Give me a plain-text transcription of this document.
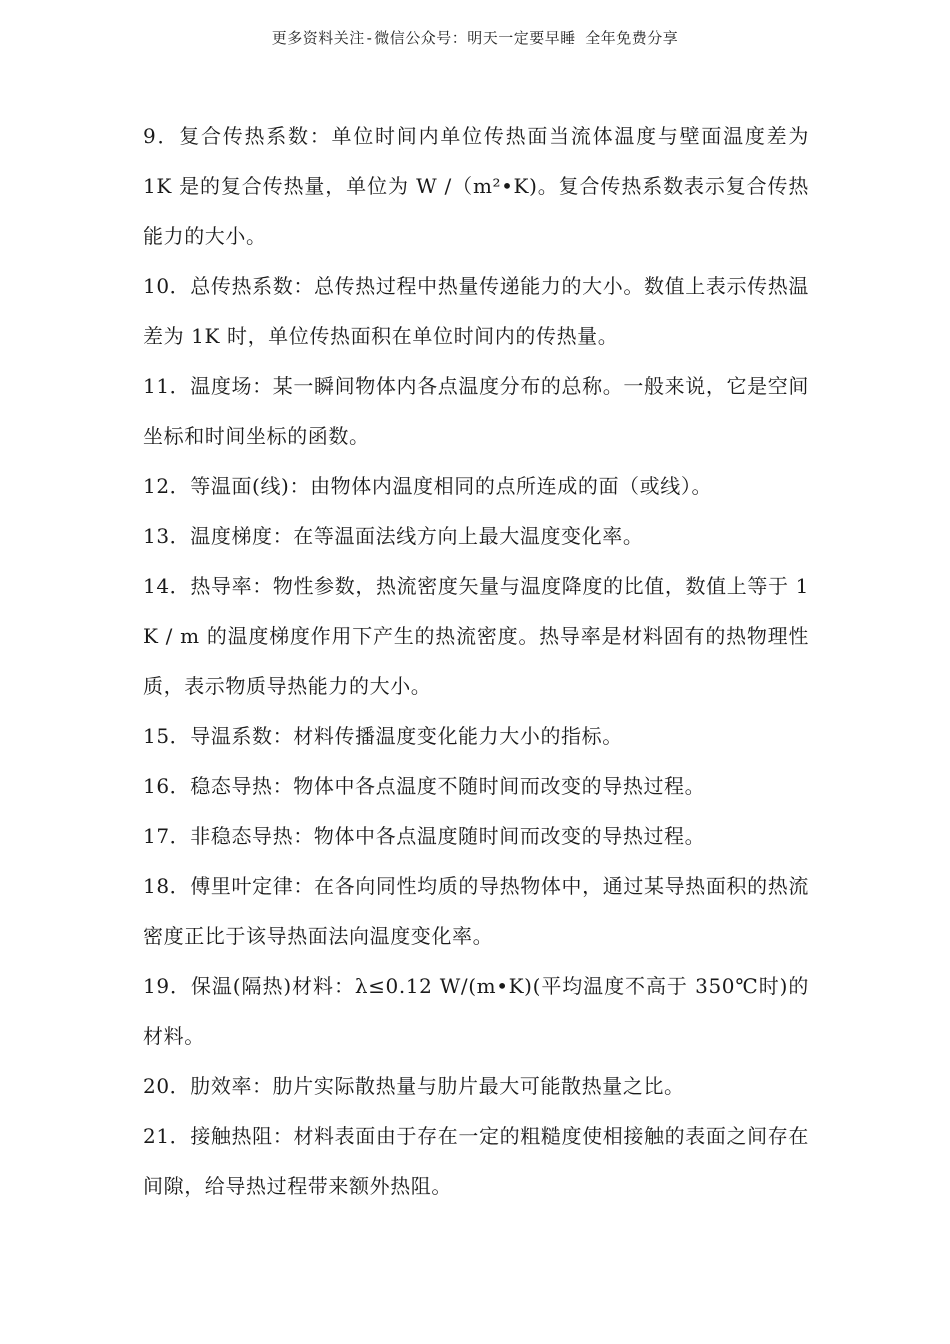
更多资料关注-微信公众号：明天一定要早睡 全年免费分享
9．复合传热系数：单位时间内单位传热面当流体温度与壁面温度差为 1K 是的复合传热量，单位为 W /（m²•K)。复合传热系数表示复合传热能力的大小。
10．总传热系数：总传热过程中热量传递能力的大小。数值上表示传热温差为 1K 时，单位传热面积在单位时间内的传热量。
11．温度场：某一瞬间物体内各点温度分布的总称。一般来说，它是空间坐标和时间坐标的函数。
12．等温面(线)：由物体内温度相同的点所连成的面（或线）。
13．温度梯度：在等温面法线方向上最大温度变化率。
14．热导率：物性参数，热流密度矢量与温度降度的比值，数值上等于 1 K / m 的温度梯度作用下产生的热流密度。热导率是材料固有的热物理性质，表示物质导热能力的大小。
15．导温系数：材料传播温度变化能力大小的指标。
16．稳态导热：物体中各点温度不随时间而改变的导热过程。
17．非稳态导热：物体中各点温度随时间而改变的导热过程。
18．傅里叶定律：在各向同性均质的导热物体中，通过某导热面积的热流密度正比于该导热面法向温度变化率。
19．保温(隔热)材料：λ≤0.12 W/(m•K)(平均温度不高于 350℃时)的材料。
20．肋效率：肋片实际散热量与肋片最大可能散热量之比。
21．接触热阻：材料表面由于存在一定的粗糙度使相接触的表面之间存在间隙，给导热过程带来额外热阻。
